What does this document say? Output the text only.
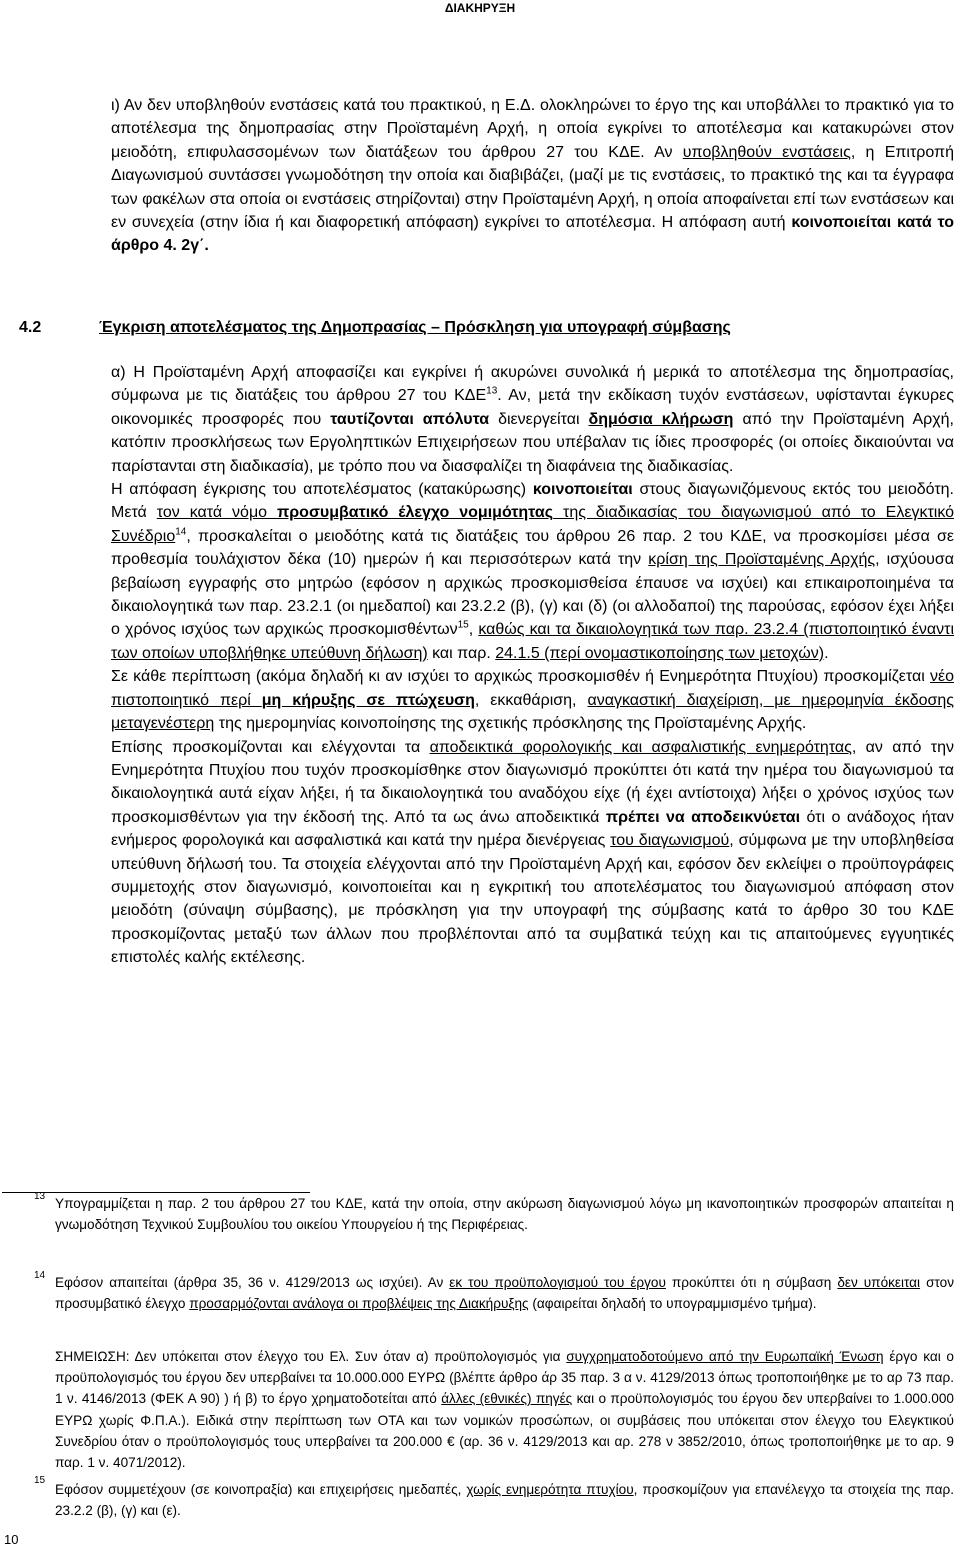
ΔΙΑΚΗΡΥΞΗ
ι) Αν δεν υποβληθούν ενστάσεις κατά του πρακτικού, η Ε.Δ. ολοκληρώνει το έργο της και υποβάλλει το πρακτικό για το αποτέλεσμα της δημοπρασίας στην Προϊσταμένη Αρχή, η οποία εγκρίνει το αποτέλεσμα και κατακυρώνει στον μειοδότη, επιφυλασσομένων των διατάξεων του άρθρου 27 του ΚΔΕ. Αν υποβληθούν ενστάσεις, η Επιτροπή Διαγωνισμού συντάσσει γνωμοδότηση την οποία και διαβιβάζει, (μαζί με τις ενστάσεις, το πρακτικό της και τα έγγραφα των φακέλων στα οποία οι ενστάσεις στηρίζονται) στην Προϊσταμένη Αρχή, η οποία αποφαίνεται επί των ενστάσεων και εν συνεχεία (στην ίδια ή και διαφορετική απόφαση) εγκρίνει το αποτέλεσμα. Η απόφαση αυτή κοινοποιείται κατά το άρθρο 4. 2γ΄.
4.2	Έγκριση αποτελέσματος της Δημοπρασίας – Πρόσκληση για υπογραφή σύμβασης

α) Η Προϊσταμένη Αρχή αποφασίζει και εγκρίνει ή ακυρώνει συνολικά ή μερικά το αποτέλεσμα της δημοπρασίας, σύμφωνα με τις διατάξεις του άρθρου 27 του ΚΔΕ$^{13}$. Αν, μετά την εκδίκαση τυχόν ενστάσεων, υφίστανται έγκυρες οικονομικές προσφορές που ταυτίζονται απόλυτα διενεργείται δημόσια κλήρωση από την Προϊσταμένη Αρχή, κατόπιν προσκλήσεως των Εργοληπτικών Επιχειρήσεων που υπέβαλαν τις ίδιες προσφορές (οι οποίες δικαιούνται να παρίστανται στη διαδικασία), με τρόπο που να διασφαλίζει τη διαφάνεια της διαδικασίας.

Η απόφαση έγκρισης του αποτελέσματος (κατακύρωσης) κοινοποιείται στους διαγωνιζόμενους εκτός του μειοδότη. Μετά τον κατά νόμο προσυμβατικό έλεγχο νομιμότητας της διαδικασίας του διαγωνισμού από το Ελεγκτικό Συνέδριο$^{14}$, προσκαλείται ο μειοδότης κατά τις διατάξεις του άρθρου 26 παρ. 2 του ΚΔΕ, να προσκομίσει μέσα σε προθεσμία τουλάχιστον δέκα (10) ημερών ή και περισσότερων κατά την κρίση της Προϊσταμένης Αρχής, ισχύουσα βεβαίωση εγγραφής στο μητρώο (εφόσον η αρχικώς προσκομισθείσα έπαυσε να ισχύει) και επικαιροποιημένα τα δικαιολογητικά των παρ. 23.2.1 (οι ημεδαποί) και 23.2.2 (β), (γ) και (δ) (οι αλλοδαποί) της παρούσας, εφόσον έχει λήξει ο χρόνος ισχύος των αρχικώς προσκομισθέντων$^{15}$, καθώς και τα δικαιολογητικά των παρ. 23.2.4 (πιστοποιητικό έναντι των οποίων υποβλήθηκε υπεύθυνη δήλωση) και παρ. 24.1.5 (περί ονομαστικοποίησης των μετοχών).

Σε κάθε περίπτωση (ακόμα δηλαδή κι αν ισχύει το αρχικώς προσκομισθέν ή Ενημερότητα Πτυχίου) προσκομίζεται νέο πιστοποιητικό περί μη κήρυξης σε πτώχευση, εκκαθάριση, αναγκαστική διαχείριση, με ημερομηνία έκδοσης μεταγενέστερη της ημερομηνίας κοινοποίησης της σχετικής πρόσκλησης της Προϊσταμένης Αρχής.

Επίσης προσκομίζονται και ελέγχονται τα αποδεικτικά φορολογικής και ασφαλιστικής ενημερότητας, αν από την Ενημερότητα Πτυχίου που τυχόν προσκομίσθηκε στον διαγωνισμό προκύπτει ότι κατά την ημέρα του διαγωνισμού τα δικαιολογητικά αυτά είχαν λήξει, ή τα δικαιολογητικά του αναδόχου είχε (ή έχει αντίστοιχα) λήξει ο χρόνος ισχύος των προσκομισθέντων για την έκδοσή της. Από τα ως άνω αποδεικτικά πρέπει να αποδεικνύεται ότι ο ανάδοχος ήταν ενήμερος φορολογικά και ασφαλιστικά και κατά την ημέρα διενέργειας του διαγωνισμού, σύμφωνα με την υποβληθείσα υπεύθυνη δήλωσή του. Τα στοιχεία ελέγχονται από την Προϊσταμένη Αρχή και, εφόσον δεν εκλείψει ο προϋπογράφεις συμμετοχής στον διαγωνισμό, κοινοποιείται και η εγκριτική του αποτελέσματος του διαγωνισμού απόφαση στον μειοδότη (σύναψη σύμβασης), με πρόσκληση για την υπογραφή της σύμβασης κατά το άρθρο 30 του ΚΔΕ προσκομίζοντας μεταξύ των άλλων που προβλέπονται από τα συμβατικά τεύχη και τις απαιτούμενες εγγυητικές επιστολές καλής εκτέλεσης.

13 Υπογραμμίζεται η παρ. 2 του άρθρου 27 του ΚΔΕ, κατά την οποία, στην ακύρωση διαγωνισμού λόγω μη ικανοποιητικών προσφορών απαιτείται η γνωμοδότηση Τεχνικού Συμβουλίου του οικείου Υπουργείου ή της Περιφέρειας.
14 Εφόσον απαιτείται (άρθρα 35, 36 ν. 4129/2013 ως ισχύει). Αν εκ του προϋπολογισμού του έργου προκύπτει ότι η σύμβαση δεν υπόκειται στον προσυμβατικό έλεγχο προσαρμόζονται ανάλογα οι προβλέψεις της Διακήρυξης (αφαιρείται δηλαδή το υπογραμμισμένο τμήμα).
ΣΗΜΕΙΩΣΗ: Δεν υπόκειται στον έλεγχο του Ελ. Συν όταν α) προϋπολογισμός για συγχρηματοδοτούμενο από την Ευρωπαϊκή Ένωση έργο και ο προϋπολογισμός του έργου δεν υπερβαίνει τα 10.000.000 ΕΥΡΩ (βλέπτε άρθρο άρ 35 παρ. 3 α ν. 4129/2013 όπως τροποποιήθηκε με το αρ 73 παρ. 1 ν. 4146/2013 (ΦΕΚ Α 90) ) ή β) το έργο χρηματοδοτείται από άλλες (εθνικές) πηγές και ο προϋπολογισμός του έργου δεν υπερβαίνει το 1.000.000 ΕΥΡΩ χωρίς Φ.Π.Α.). Ειδικά στην περίπτωση των ΟΤΑ και των νομικών προσώπων, οι συμβάσεις που υπόκειται στον έλεγχο του Ελεγκτικού Συνεδρίου όταν ο προϋπολογισμός τους υπερβαίνει τα 200.000 € (αρ. 36 ν. 4129/2013 και αρ. 278 ν 3852/2010, όπως τροποποιήθηκε με το αρ. 9 παρ. 1 ν. 4071/2012).
15
Εφόσον συμμετέχουν (σε κοινοπραξία) και επιχειρήσεις ημεδαπές, χωρίς ενημερότητα πτυχίου, προσκομίζουν για επανέλεγχο τα στοιχεία της παρ. 23.2.2 (β), (γ) και (ε).
10
